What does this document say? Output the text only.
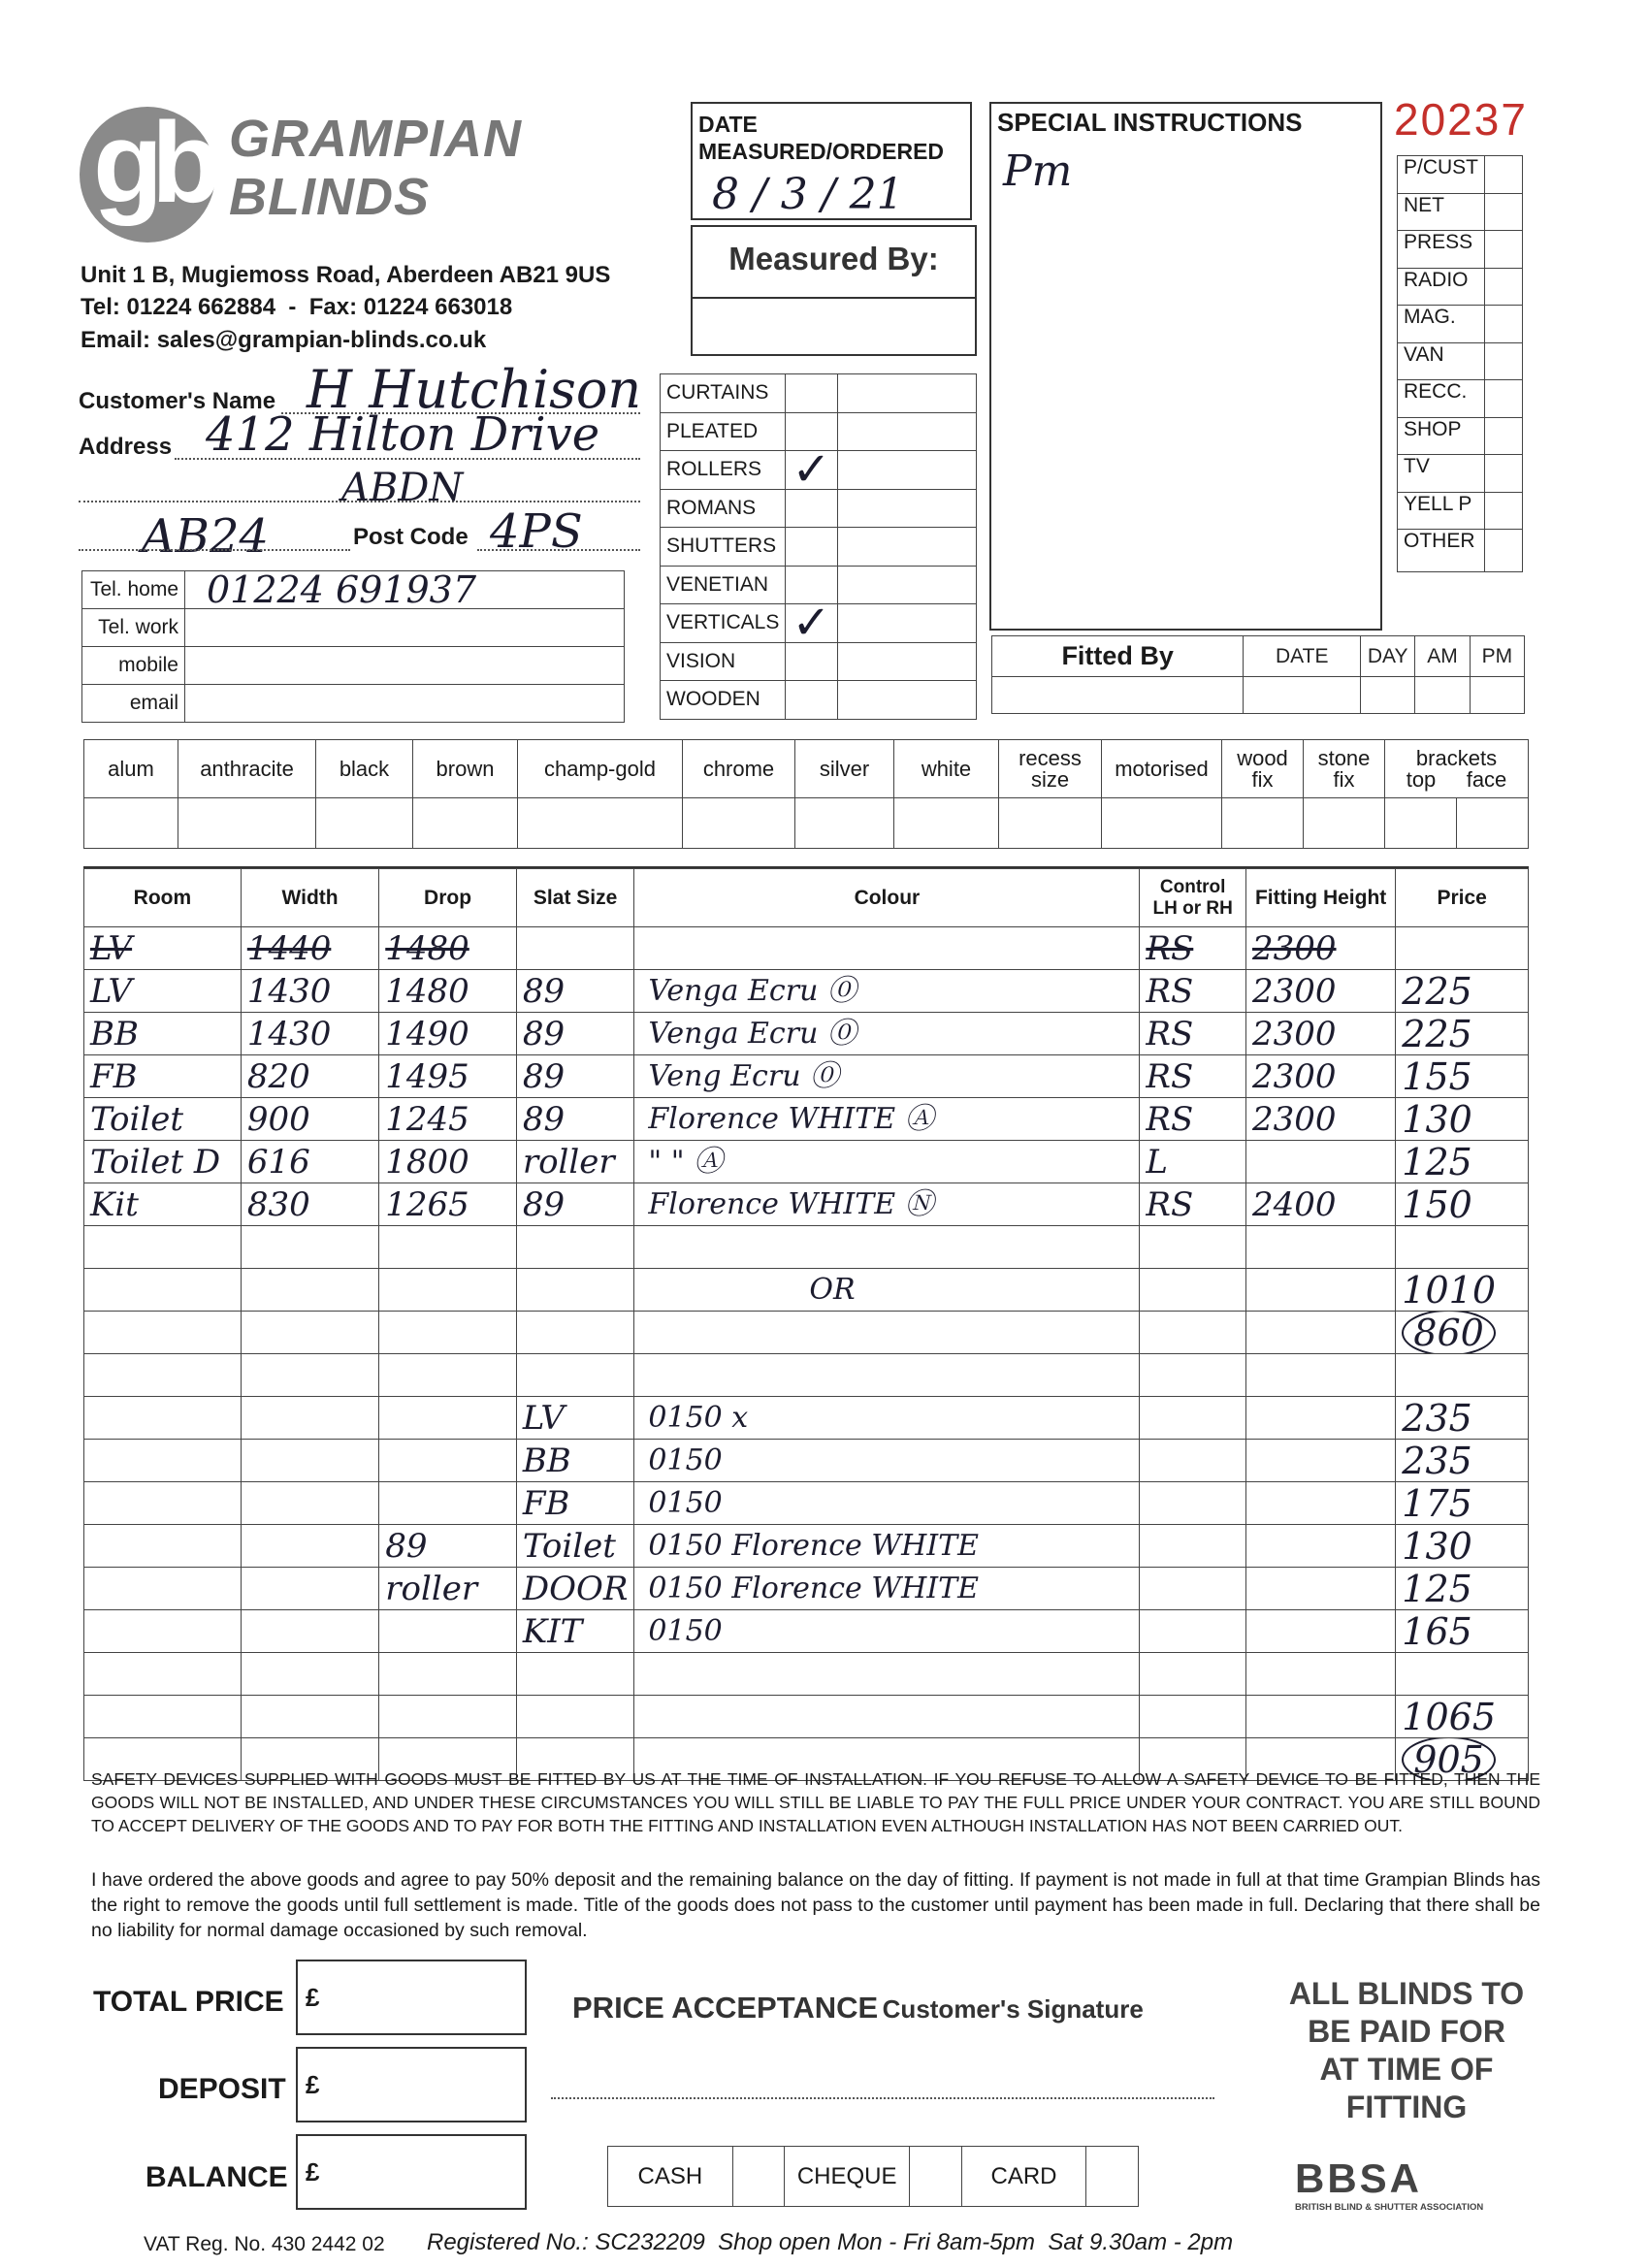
gb GRAMPIAN
BLINDS
Unit 1 B, Mugiemoss Road, Aberdeen AB21 9US
Tel: 01224 662884  -  Fax: 01224 663018
Email: sales@grampian-blinds.co.uk
DATE
MEASURED/ORDERED
8 / 3 / 21
Measured By:
SPECIAL INSTRUCTIONS
Pm
20237
P/CUST	
NET	
PRESS	
RADIO	
MAG.	
VAN	
RECC.	
SHOP	
TV	
YELL P	
OTHER	
Customer's Name H Hutchison
Address 412 Hilton Drive
ABDN
AB24	Post Code 4PS
Tel. home	01224 691937
Tel. work	
mobile	
email	
CURTAINS		
PLEATED		
ROLLERS	✓	
ROMANS		
SHUTTERS		
VENETIAN		
VERTICALS	✓	
VISION		
WOODEN		
Fitted By	DATE	DAY	AM	PM

alum	anthracite	black	brown	champ-gold	chrome	silver	white	recess size	motorised	wood fix	stone fix	brackets
top face	

Room	Width	Drop	Slat Size	Colour	Control LH or RH	Fitting Height	Price
LV	1440	1480			RS	2300	
LV	1430	1480	89	Venga Ecru ⓪	RS	2300	225
BB	1430	1490	89	Venga Ecru ⓪	RS	2300	225
FB	820	1495	89	Veng Ecru ⓪	RS	2300	155
Toilet	900	1245	89	Florence WHITE Ⓐ	RS	2300	130
Toilet D	616	1800	roller	" " Ⓐ	L		125
Kit	830	1265	89	Florence WHITE Ⓝ	RS	2400	150

				OR			1010
							860

			LV	0150 x			235
			BB	0150			235
			FB	0150			175
		89	Toilet	0150 Florence WHITE			130
		roller	DOOR	0150 Florence WHITE			125
			KIT	0150			165

							1065
							905
SAFETY DEVICES SUPPLIED WITH GOODS MUST BE FITTED BY US AT THE TIME OF INSTALLATION. IF YOU REFUSE TO ALLOW A SAFETY DEVICE TO BE FITTED, THEN THE GOODS WILL NOT BE INSTALLED, AND UNDER THESE CIRCUMSTANCES YOU WILL STILL BE LIABLE TO PAY THE FULL PRICE UNDER YOUR CONTRACT. YOU ARE STILL BOUND TO ACCEPT DELIVERY OF THE GOODS AND TO PAY FOR BOTH THE FITTING AND INSTALLATION EVEN ALTHOUGH INSTALLATION HAS NOT BEEN CARRIED OUT.
I have ordered the above goods and agree to pay 50% deposit and the remaining balance on the day of fitting. If payment is not made in full at that time Grampian Blinds has the right to remove the goods until full settlement is made. Title of the goods does not pass to the customer until payment has been made in full. Declaring that there shall be no liability for normal damage occasioned by such removal.
TOTAL PRICE £
DEPOSIT £
BALANCE £
PRICE ACCEPTANCE Customer's Signature
CASH		CHEQUE		CARD	
ALL BLINDS TO
BE PAID FOR
AT TIME OF
FITTING
BBSA
BRITISH BLIND & SHUTTER ASSOCIATION
VAT Reg. No. 430 2442 02 Registered No.: SC232209  Shop open Mon - Fri 8am-5pm  Sat 9.30am - 2pm
